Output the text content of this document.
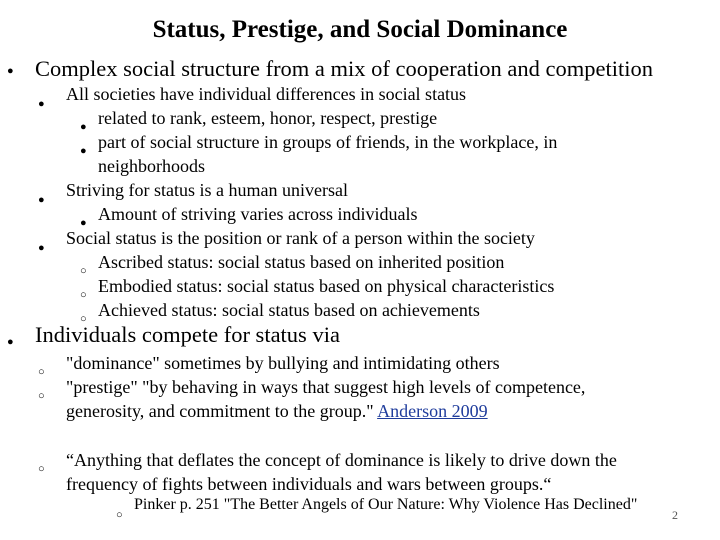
Status, Prestige, and Social Dominance
● Complex social structure from a mix of cooperation and competition
● All societies have individual differences in social status
● related to rank, esteem, honor, respect, prestige
● part of social structure in groups of friends, in the workplace, in
neighborhoods
● Striving for status is a human universal
● Amount of striving varies across individuals
● Social status is the position or rank of a person within the society
○ Ascribed status: social status based on inherited position
○ Embodied status: social status based on physical characteristics
○ Achieved status: social status based on achievements
● Individuals compete for status via
○ "dominance" sometimes by bullying and intimidating others
○ "prestige" "by behaving in ways that suggest high levels of competence,
generosity, and commitment to the group." Anderson 2009
○ “Anything that deflates the concept of dominance is likely to drive down the
frequency of fights between individuals and wars between groups.“
○
Pinker p. 251 "The Better Angels of Our Nature: Why Violence Has Declined"
2
